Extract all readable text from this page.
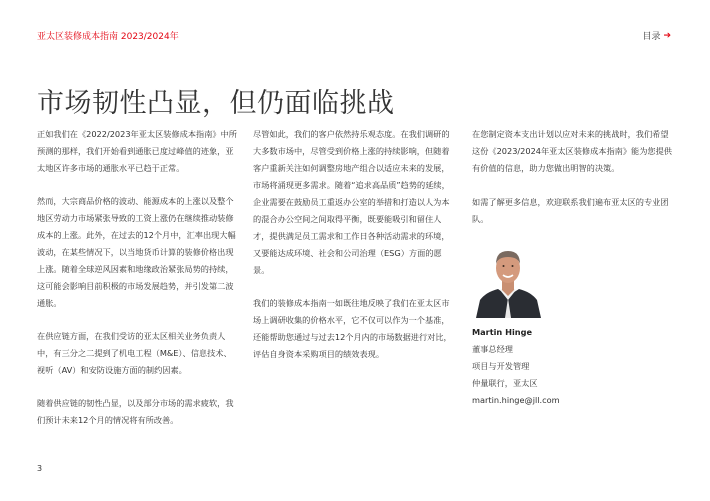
亚太区装修成本指南 2023/2024年	目录 ➔
市场韧性凸显，但仍面临挑战

正如我们在《2022/2023年亚太区装修成本指南》中所预测的那样，我们开始看到通胀已度过峰值的迹象，亚太地区许多市场的通胀水平已趋于正常。

然而，大宗商品价格的波动、能源成本的上涨以及整个地区劳动力市场紧张导致的工资上涨仍在继续推动装修成本的上涨。此外，在过去的12个月中，汇率出现大幅波动，在某些情况下，以当地货币计算的装修价格出现上涨。随着全球逆风因素和地缘政治紧张局势的持续，这可能会影响目前积极的市场发展趋势，并引发第二波通胀。

在供应链方面，在我们受访的亚太区相关业务负责人中，有三分之二提到了机电工程（M&E）、信息技术、视听（AV）和安防设施方面的制约因素。

随着供应链的韧性凸显，以及部分市场的需求疲软，我们预计未来12个月的情况将有所改善。

尽管如此，我们的客户依然持乐观态度。在我们调研的大多数市场中，尽管受到价格上涨的持续影响，但随着客户重新关注如何调整房地产组合以适应未来的发展，市场将涌现更多需求。随着“追求高品质”趋势的延续，企业需要在鼓励员工重返办公室的举措和打造以人为本的混合办公空间之间取得平衡，既要能吸引和留住人才，提供满足员工需求和工作日各种活动需求的环境，又要能达成环境、社会和公司治理（ESG）方面的愿景。

我们的装修成本指南一如既往地反映了我们在亚太区市场上调研收集的价格水平，它不仅可以作为一个基准，还能帮助您通过与过去12个月内的市场数据进行对比，评估自身资本采购项目的绩效表现。

在您制定资本支出计划以应对未来的挑战时，我们希望这份《2023/2024年亚太区装修成本指南》能为您提供有价值的信息，助力您做出明智的决策。

如需了解更多信息，欢迎联系我们遍布亚太区的专业团队。

Martin Hinge
董事总经理
项目与开发管理
仲量联行，亚太区
martin.hinge@jll.com
3
